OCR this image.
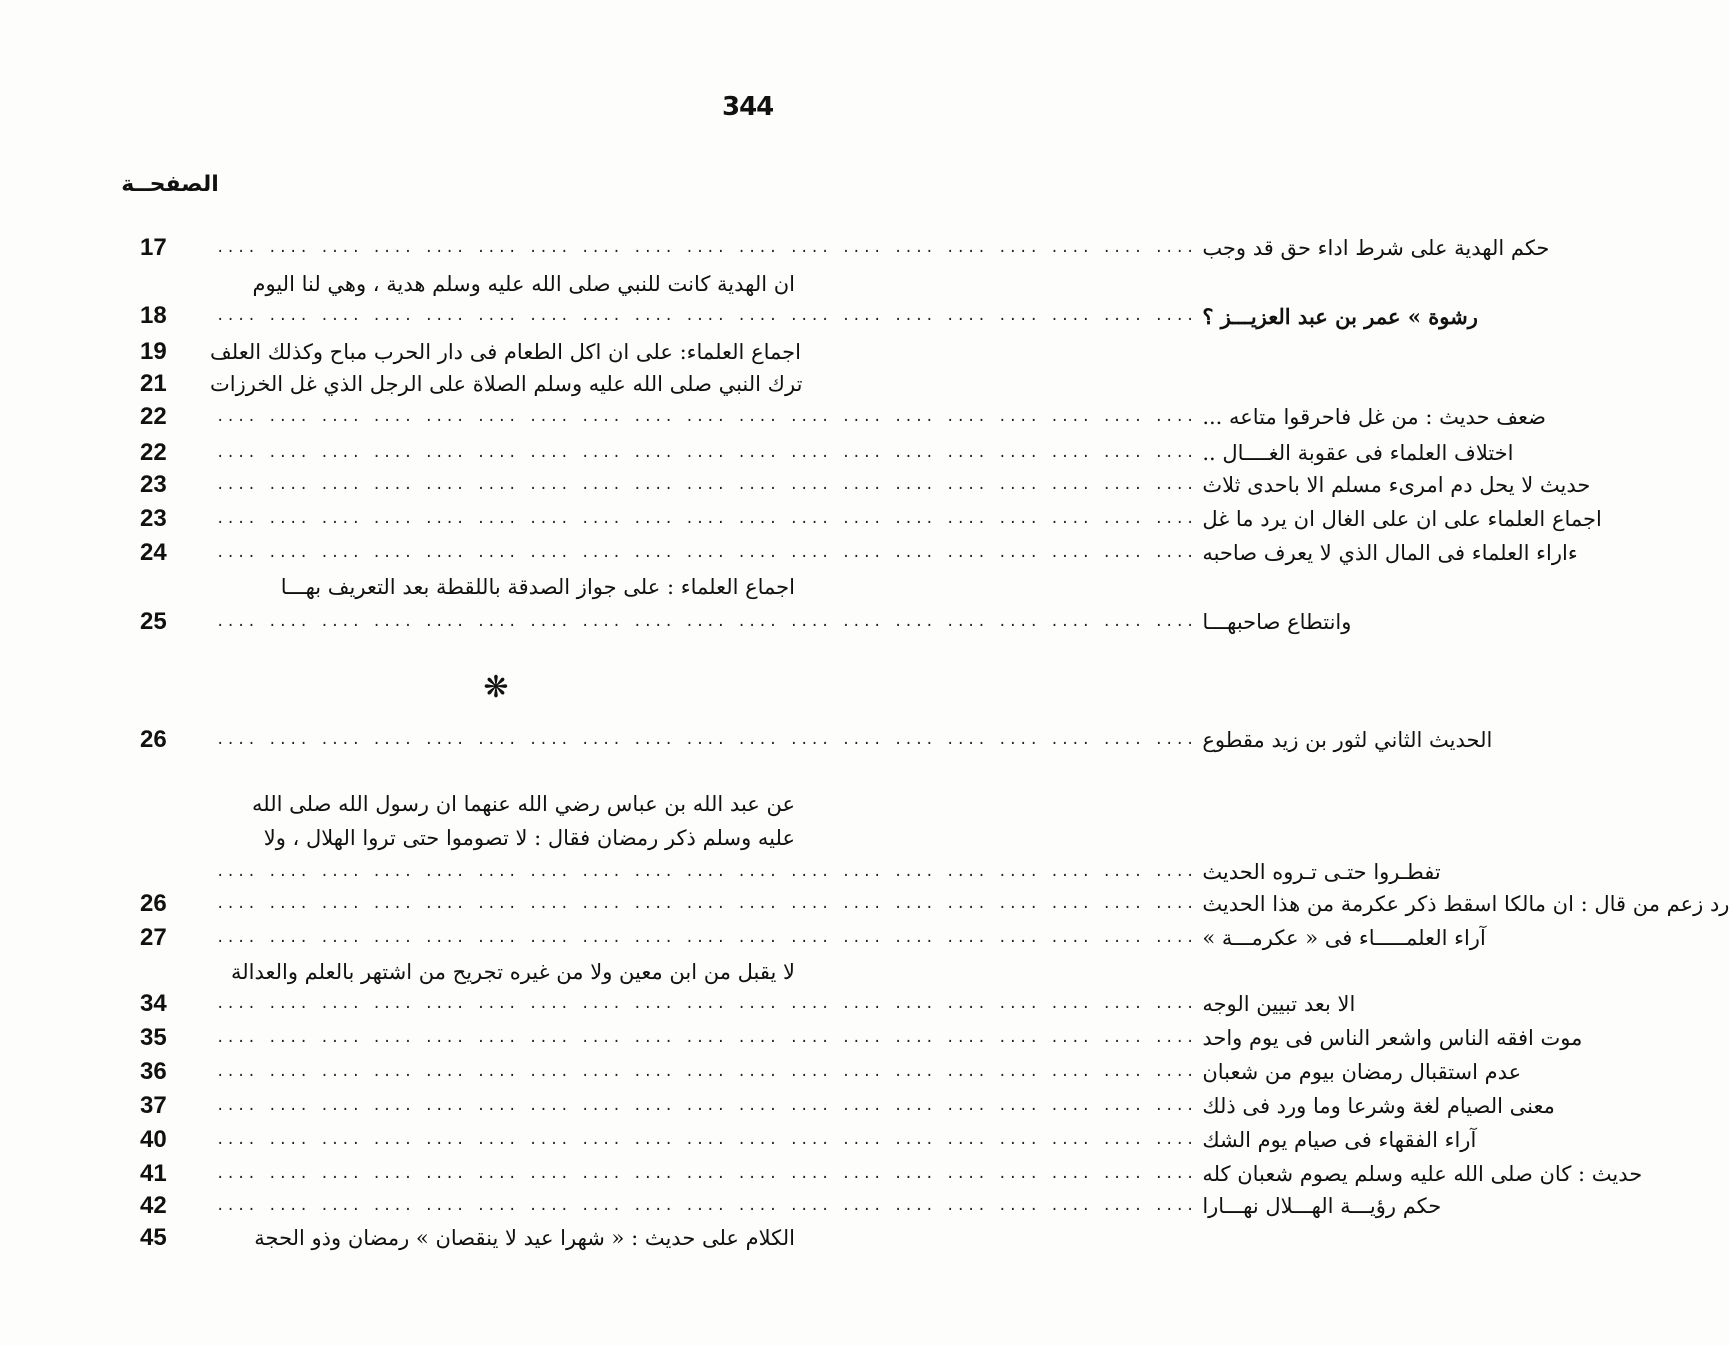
344
الصفحــة
17	حكم الهدية على شرط اداء حق قد وجب
.... .... .... .... .... .... .... .... .... .... .... .... .... .... .... .... .... .... ....
ان الهدية كانت للنبي صلى الله عليه وسلم هدية ، وهي لنا اليوم
18	رشوة » عمر بن عبد العزيـــز ؟
.... .... .... .... .... .... .... .... .... .... .... .... .... .... .... .... .... .... ....
19	اجماع العلماء: على ان اكل الطعام فى دار الحرب مباح وكذلك العلف
21	ترك النبي صلى الله عليه وسلم الصلاة على الرجل الذي غل الخرزات
22	ضعف حديث : من غل فاحرقوا متاعه ...
.... .... .... .... .... .... .... .... .... .... .... .... .... .... .... .... .... .... ....
22	اختلاف العلماء فى عقوبة الغــــال ..
.... .... .... .... .... .... .... .... .... .... .... .... .... .... .... .... .... .... ....
23	حديث لا يحل دم امرىء مسلم الا باحدى ثلاث
.... .... .... .... .... .... .... .... .... .... .... .... .... .... .... .... .... .... ....
23	اجماع العلماء على ان على الغال ان يرد ما غل
.... .... .... .... .... .... .... .... .... .... .... .... .... .... .... .... .... .... ....
24	ءاراء العلماء فى المال الذي لا يعرف صاحبه
.... .... .... .... .... .... .... .... .... .... .... .... .... .... .... .... .... .... ....
اجماع العلماء : على جواز الصدقة باللقطة بعد التعريف بهـــا
25	وانتطاع صاحبهـــا
.... .... .... .... .... .... .... .... .... .... .... .... .... .... .... .... .... .... ....
❋
26	الحديث الثاني لثور بن زيد مقطوع
.... .... .... .... .... .... .... .... .... .... .... .... .... .... .... .... .... .... ....
عن عبد الله بن عباس رضي الله عنهما ان رسول الله صلى الله
عليه وسلم ذكر رمضان فقال : لا تصوموا حتى تروا الهلال ، ولا
تفطـروا حتـى تـروه الحديث
.... .... .... .... .... .... .... .... .... .... .... .... .... .... .... .... .... .... ....
26	رد زعم من قال : ان مالكا اسقط ذكر عكرمة من هذا الحديث
.... .... .... .... .... .... .... .... .... .... .... .... .... .... .... .... .... .... ....
27	آراء العلمـــــاء فى « عكرمـــة »
.... .... .... .... .... .... .... .... .... .... .... .... .... .... .... .... .... .... ....
لا يقبل من ابن معين ولا من غيره تجريح من اشتهر بالعلم والعدالة
34	الا بعد تبيين الوجه
.... .... .... .... .... .... .... .... .... .... .... .... .... .... .... .... .... .... ....
35	موت افقه الناس واشعر الناس فى يوم واحد
.... .... .... .... .... .... .... .... .... .... .... .... .... .... .... .... .... .... ....
36	عدم استقبال رمضان بيوم من شعبان
.... .... .... .... .... .... .... .... .... .... .... .... .... .... .... .... .... .... ....
37	معنى الصيام لغة وشرعا وما ورد فى ذلك
.... .... .... .... .... .... .... .... .... .... .... .... .... .... .... .... .... .... ....
40	آراء الفقهاء فى صيام يوم الشك
.... .... .... .... .... .... .... .... .... .... .... .... .... .... .... .... .... .... ....
41	حديث : كان صلى الله عليه وسلم يصوم شعبان كله
.... .... .... .... .... .... .... .... .... .... .... .... .... .... .... .... .... .... ....
42	حكم رؤيـــة الهـــلال نهـــارا
.... .... .... .... .... .... .... .... .... .... .... .... .... .... .... .... .... .... ....
45	الكلام على حديث : « شهرا عيد لا ينقصان » رمضان وذو الحجة
